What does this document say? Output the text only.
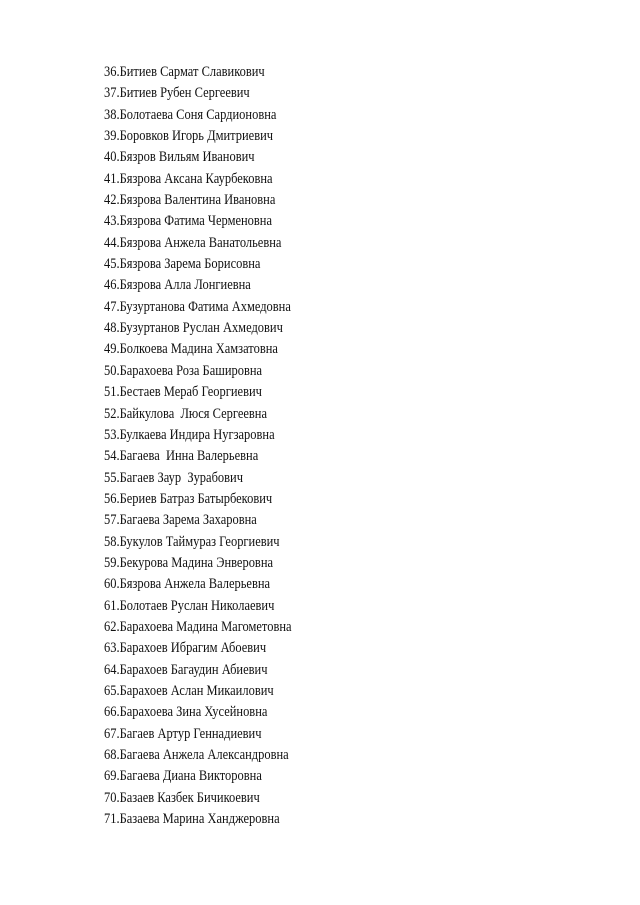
36.Битиев Сармат Славикович
37.Битиев Рубен Сергеевич
38.Болотаева Соня Сардионовна
39.Боровков Игорь Дмитриевич
40.Бязров Вильям Иванович
41.Бязрова Аксана Каурбековна
42.Бязрова Валентина Ивановна
43.Бязрова Фатима Черменовна
44.Бязрова Анжела Ванатольевна
45.Бязрова Зарема Борисовна
46.Бязрова Алла Лонгиевна
47.Бузуртанова Фатима Ахмедовна
48.Бузуртанов Руслан Ахмедович
49.Болкоева Мадина Хамзатовна
50.Барахоева Роза Башировна
51.Бестаев Мераб Георгиевич
52.Байкулова  Люся Сергеевна
53.Булкаева Индира Нугзаровна
54.Багаева  Инна Валерьевна
55.Багаев Заур  Зурабович
56.Бериев Батраз Батырбекович
57.Багаева Зарема Захаровна
58.Букулов Таймураз Георгиевич
59.Бекурова Мадина Энверовна
60.Бязрова Анжела Валерьевна
61.Болотаев Руслан Николаевич
62.Барахоева Мадина Магометовна
63.Барахоев Ибрагим Абоевич
64.Барахоев Багаудин Абиевич
65.Барахоев Аслан Микаилович
66.Барахоева Зина Хусейновна
67.Багаев Артур Геннадиевич
68.Багаева Анжела Александровна
69.Багаева Диана Викторовна
70.Базаев Казбек Бичикоевич
71.Базаева Марина Ханджеровна
